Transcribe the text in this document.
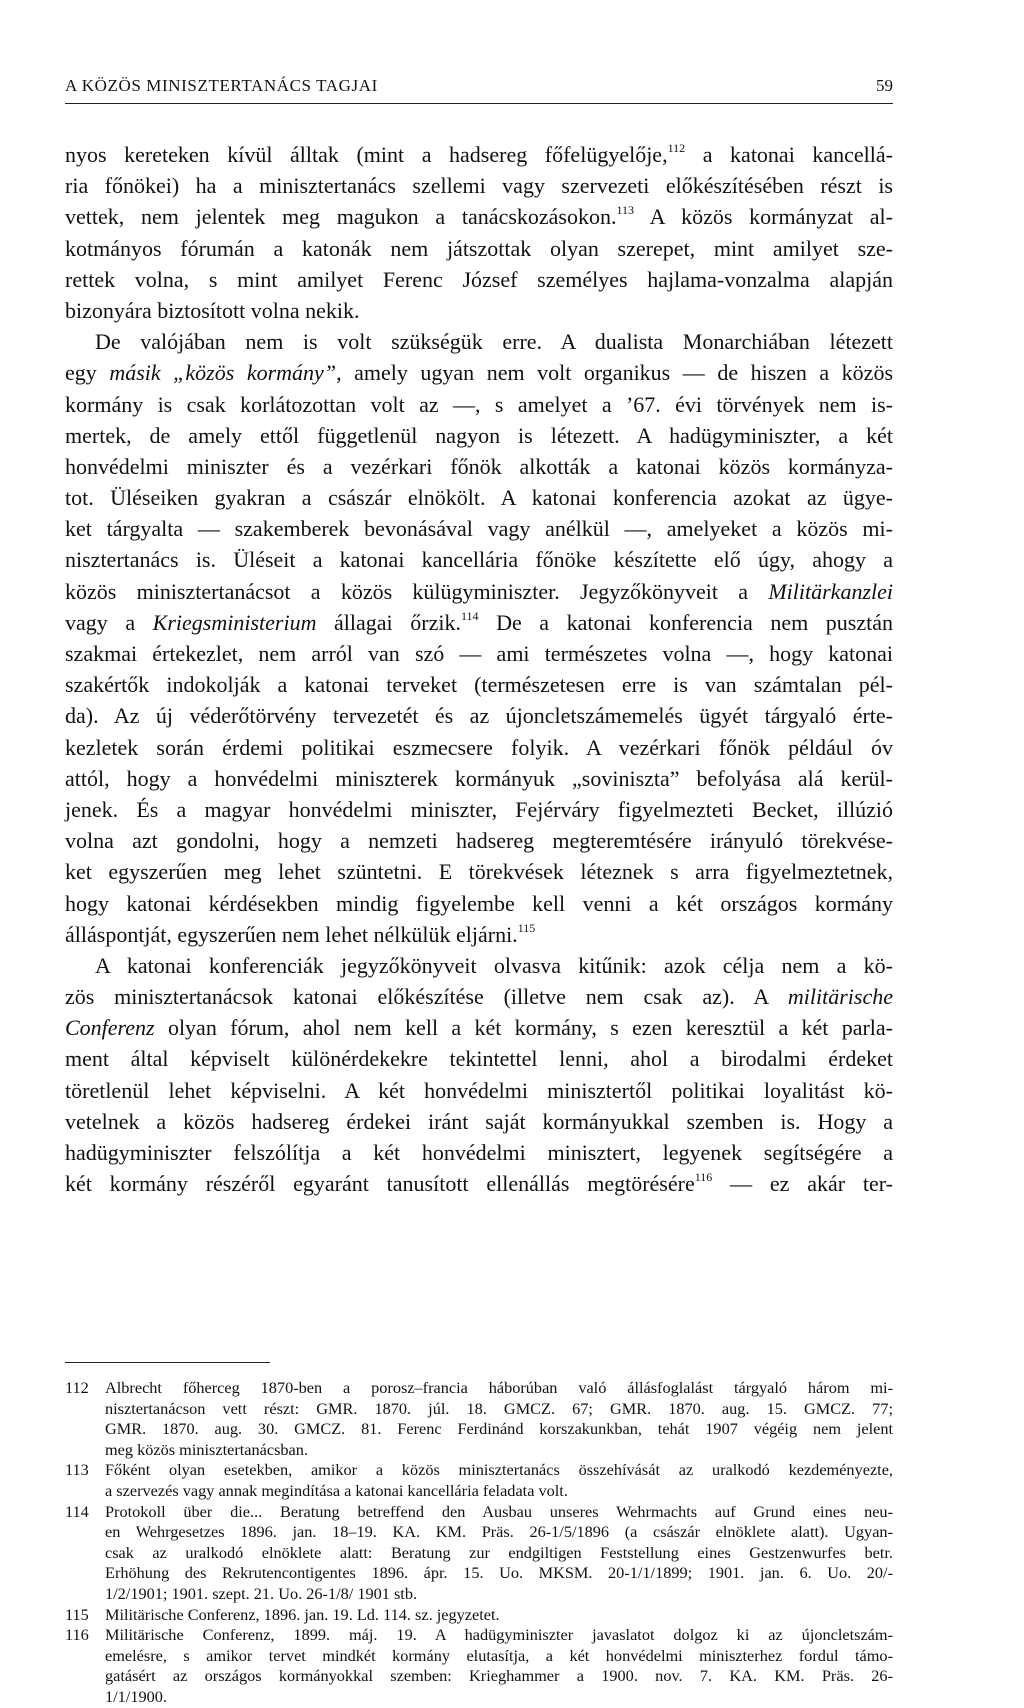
A KÖZÖS MINISZTERTANÁCS TAGJAI	59
nyos kereteken kívül álltak (mint a hadsereg főfelügyelője,$^{112}$ a katonai kancellá-
ria főnökei) ha a minisztertanács szellemi vagy szervezeti előkészítésében részt is
vettek, nem jelentek meg magukon a tanácskozásokon.$^{113}$ A közös kormányzat al-
kotmányos fórumán a katonák nem játszottak olyan szerepet, mint amilyet sze-
rettek volna, s mint amilyet Ferenc József személyes hajlama-vonzalma alapján
bizonyára biztosított volna nekik.
De valójában nem is volt szükségük erre. A dualista Monarchiában létezett
egy másik „közös kormány”, amely ugyan nem volt organikus — de hiszen a közös
kormány is csak korlátozottan volt az —, s amelyet a ’67. évi törvények nem is-
mertek, de amely ettől függetlenül nagyon is létezett. A hadügyminiszter, a két
honvédelmi miniszter és a vezérkari főnök alkották a katonai közös kormányza-
tot. Üléseiken gyakran a császár elnökölt. A katonai konferencia azokat az ügye-
ket tárgyalta — szakemberek bevonásával vagy anélkül —, amelyeket a közös mi-
nisztertanács is. Üléseit a katonai kancellária főnöke készítette elő úgy, ahogy a
közös minisztertanácsot a közös külügyminiszter. Jegyzőkönyveit a Militärkanzlei
vagy a Kriegsministerium állagai őrzik.$^{114}$ De a katonai konferencia nem pusztán
szakmai értekezlet, nem arról van szó — ami természetes volna —, hogy katonai
szakértők indokolják a katonai terveket (természetesen erre is van számtalan pél-
da). Az új véderőtörvény tervezetét és az újoncletszámemelés ügyét tárgyaló érte-
kezletek során érdemi politikai eszmecsere folyik. A vezérkari főnök például óv
attól, hogy a honvédelmi miniszterek kormányuk „soviniszta” befolyása alá kerül-
jenek. És a magyar honvédelmi miniszter, Fejérváry figyelmezteti Becket, illúzió
volna azt gondolni, hogy a nemzeti hadsereg megteremtésére irányuló törekvése-
ket egyszerűen meg lehet szüntetni. E törekvések léteznek s arra figyelmeztetnek,
hogy katonai kérdésekben mindig figyelembe kell venni a két országos kormány
álláspontját, egyszerűen nem lehet nélkülük eljárni.$^{115}$
A katonai konferenciák jegyzőkönyveit olvasva kitűnik: azok célja nem a kö-
zös minisztertanácsok katonai előkészítése (illetve nem csak az). A militärische
Conferenz olyan fórum, ahol nem kell a két kormány, s ezen keresztül a két parla-
ment által képviselt különérdekekre tekintettel lenni, ahol a birodalmi érdeket
töretlenül lehet képviselni. A két honvédelmi minisztertől politikai loyalitást kö-
vetelnek a közös hadsereg érdekei iránt saját kormányukkal szemben is. Hogy a
hadügyminiszter felszólítja a két honvédelmi minisztert, legyenek segítségére a
két kormány részéről egyaránt tanusított ellenállás megtörésére$^{116}$ — ez akár ter-
112 Albrecht főherceg 1870-ben a porosz–francia háborúban való állásfoglalást tárgyaló három mi-
nisztertanácson vett részt: GMR. 1870. júl. 18. GMCZ. 67; GMR. 1870. aug. 15. GMCZ. 77;
GMR. 1870. aug. 30. GMCZ. 81. Ferenc Ferdinánd korszakunkban, tehát 1907 végéig nem jelent
meg közös minisztertanácsban.
113 Főként olyan esetekben, amikor a közös minisztertanács összehívását az uralkodó kezdeményezte,
a szervezés vagy annak megindítása a katonai kancellária feladata volt.
114 Protokoll über die... Beratung betreffend den Ausbau unseres Wehrmachts auf Grund eines neu-
en Wehrgesetzes 1896. jan. 18–19. KA. KM. Präs. 26-1/5/1896 (a császár elnöklete alatt). Ugyan-
csak az uralkodó elnöklete alatt: Beratung zur endgiltigen Feststellung eines Gestzenwurfes betr.
Erhöhung des Rekrutencontigentes 1896. ápr. 15. Uo. MKSM. 20-1/1/1899; 1901. jan. 6. Uo. 20/-
1/2/1901; 1901. szept. 21. Uo. 26-1/8/ 1901 stb.
115 Militärische Conferenz, 1896. jan. 19. Ld. 114. sz. jegyzetet.
116 Militärische Conferenz, 1899. máj. 19. A hadügyminiszter javaslatot dolgoz ki az újoncletszám-
emelésre, s amikor tervet mindkét kormány elutasítja, a két honvédelmi miniszterhez fordul támo-
gatásért az országos kormányokkal szemben: Krieghammer a 1900. nov. 7. KA. KM. Präs. 26-
1/1/1900.
